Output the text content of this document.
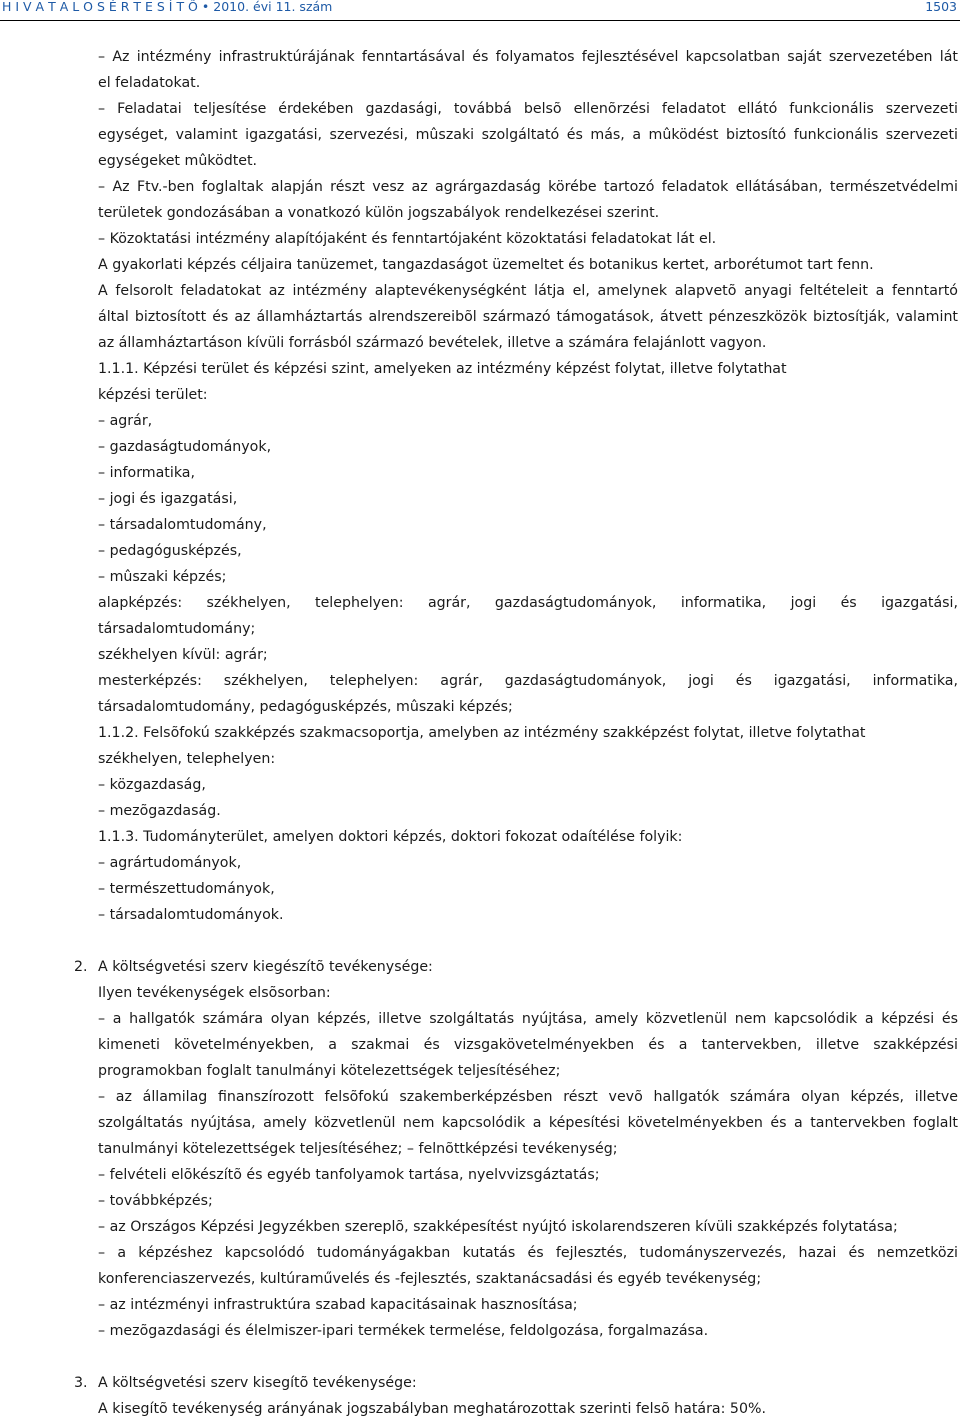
H I V A T A L O S É R T E S Í T Õ • 2010. évi 11. szám	1503
– Az intézmény infrastruktúrájának fenntartásával és folyamatos fejlesztésével kapcsolatban saját szervezetében lát
el feladatokat.
– Feladatai teljesítése érdekében gazdasági, továbbá belsõ ellenõrzési feladatot ellátó funkcionális szervezeti
egységet, valamint igazgatási, szervezési, mûszaki szolgáltató és más, a mûködést biztosító funkcionális szervezeti
egységeket mûködtet.
– Az Ftv.-ben foglaltak alapján részt vesz az agrárgazdaság körébe tartozó feladatok ellátásában, természetvédelmi
területek gondozásában a vonatkozó külön jogszabályok rendelkezései szerint.
– Közoktatási intézmény alapítójaként és fenntartójaként közoktatási feladatokat lát el.
A gyakorlati képzés céljaira tanüzemet, tangazdaságot üzemeltet és botanikus kertet, arborétumot tart fenn.
A felsorolt feladatokat az intézmény alaptevékenységként látja el, amelynek alapvetõ anyagi feltételeit a fenntartó
által biztosított és az államháztartás alrendszereibõl származó támogatások, átvett pénzeszközök biztosítják, valamint
az államháztartáson kívüli forrásból származó bevételek, illetve a számára felajánlott vagyon.
1.1.1. Képzési terület és képzési szint, amelyeken az intézmény képzést folytat, illetve folytathat
képzési terület:
– agrár,
– gazdaságtudományok,
– informatika,
– jogi és igazgatási,
– társadalomtudomány,
– pedagógusképzés,
– mûszaki képzés;
alapképzés: székhelyen, telephelyen: agrár, gazdaságtudományok, informatika, jogi és igazgatási,
társadalomtudomány;
székhelyen kívül: agrár;
mesterképzés: székhelyen, telephelyen: agrár, gazdaságtudományok, jogi és igazgatási, informatika,
társadalomtudomány, pedagógusképzés, mûszaki képzés;
1.1.2. Felsõfokú szakképzés szakmacsoportja, amelyben az intézmény szakképzést folytat, illetve folytathat
székhelyen, telephelyen:
– közgazdaság,
– mezõgazdaság.
1.1.3. Tudományterület, amelyen doktori képzés, doktori fokozat odaítélése folyik:
– agrártudományok,
– természettudományok,
– társadalomtudományok.
2. A költségvetési szerv kiegészítõ tevékenysége:
Ilyen tevékenységek elsõsorban:
– a hallgatók számára olyan képzés, illetve szolgáltatás nyújtása, amely közvetlenül nem kapcsolódik a képzési és
kimeneti követelményekben, a szakmai és vizsgakövetelményekben és a tantervekben, illetve szakképzési
programokban foglalt tanulmányi kötelezettségek teljesítéséhez;
– az államilag finanszírozott felsõfokú szakemberképzésben részt vevõ hallgatók számára olyan képzés, illetve
szolgáltatás nyújtása, amely közvetlenül nem kapcsolódik a képesítési követelményekben és a tantervekben foglalt
tanulmányi kötelezettségek teljesítéséhez; – felnõttképzési tevékenység;
– felvételi elõkészítõ és egyéb tanfolyamok tartása, nyelvvizsgáztatás;
– továbbképzés;
– az Országos Képzési Jegyzékben szereplõ, szakképesítést nyújtó iskolarendszeren kívüli szakképzés folytatása;
– a képzéshez kapcsolódó tudományágakban kutatás és fejlesztés, tudományszervezés, hazai és nemzetközi
konferenciaszervezés, kultúraművelés és -fejlesztés, szaktanácsadási és egyéb tevékenység;
– az intézményi infrastruktúra szabad kapacitásainak hasznosítása;
– mezõgazdasági és élelmiszer-ipari termékek termelése, feldolgozása, forgalmazása.
3. A költségvetési szerv kisegítõ tevékenysége:
A kisegítõ tevékenység arányának jogszabályban meghatározottak szerinti felsõ határa: 50%.
